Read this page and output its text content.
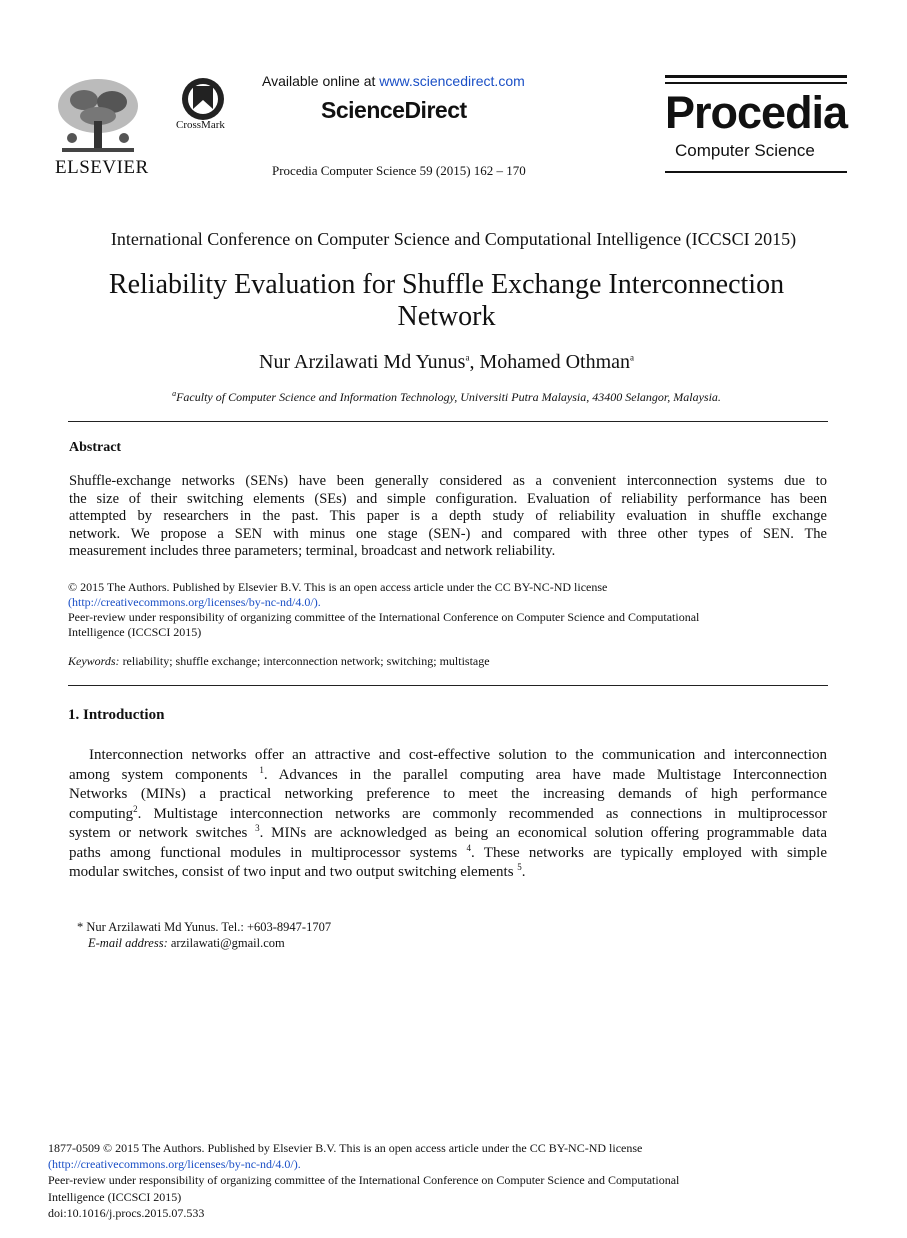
ELSEVIER
CrossMark
Available online at www.sciencedirect.com
ScienceDirect
Procedia Computer Science 59 (2015) 162 – 170
Procedia
Computer Science
International Conference on Computer Science and Computational Intelligence (ICCSCI 2015)
Reliability Evaluation for Shuffle Exchange Interconnection
Network
Nur Arzilawati Md Yunus$^a$, Mohamed Othman$^a$
$^a$Faculty of Computer Science and Information Technology, Universiti Putra Malaysia, 43400 Selangor, Malaysia.
Abstract

Shuffle-exchange networks (SENs) have been generally considered as a convenient interconnection systems due to

the size of their switching elements (SEs) and simple configuration. Evaluation of reliability performance has been

attempted by researchers in the past. This paper is a depth study of reliability evaluation in shuffle exchange

network. We propose a SEN with minus one stage (SEN-) and compared with three other types of SEN. The

measurement includes three parameters; terminal, broadcast and network reliability.

© 2015 The Authors. Published by Elsevier B.V. This is an open access article under the CC BY-NC-ND license

(http://creativecommons.org/licenses/by-nc-nd/4.0/).

Peer-review under responsibility of organizing committee of the International Conference on Computer Science and Computational

Intelligence (ICCSCI 2015)

Keywords: reliability; shuffle exchange; interconnection network; switching; multistage
1. Introduction

Interconnection networks offer an attractive and cost-effective solution to the communication and interconnection

among system components $^1$. Advances in the parallel computing area have made Multistage Interconnection

Networks (MINs) a practical networking preference to meet the increasing demands of high performance

computing$^2$. Multistage interconnection networks are commonly recommended as connections in multiprocessor

system or network switches $^3$. MINs are acknowledged as being an economical solution offering programmable data

paths among functional modules in multiprocessor systems $^4$. These networks are typically employed with simple

modular switches, consist of two input and two output switching elements $^5$.

* Nur Arzilawati Md Yunus. Tel.: +603-8947-1707

E-mail address: arzilawati@gmail.com

1877-0509 © 2015 The Authors. Published by Elsevier B.V. This is an open access article under the CC BY-NC-ND license

(http://creativecommons.org/licenses/by-nc-nd/4.0/).

Peer-review under responsibility of organizing committee of the International Conference on Computer Science and Computational

Intelligence (ICCSCI 2015)

doi:10.1016/j.procs.2015.07.533
